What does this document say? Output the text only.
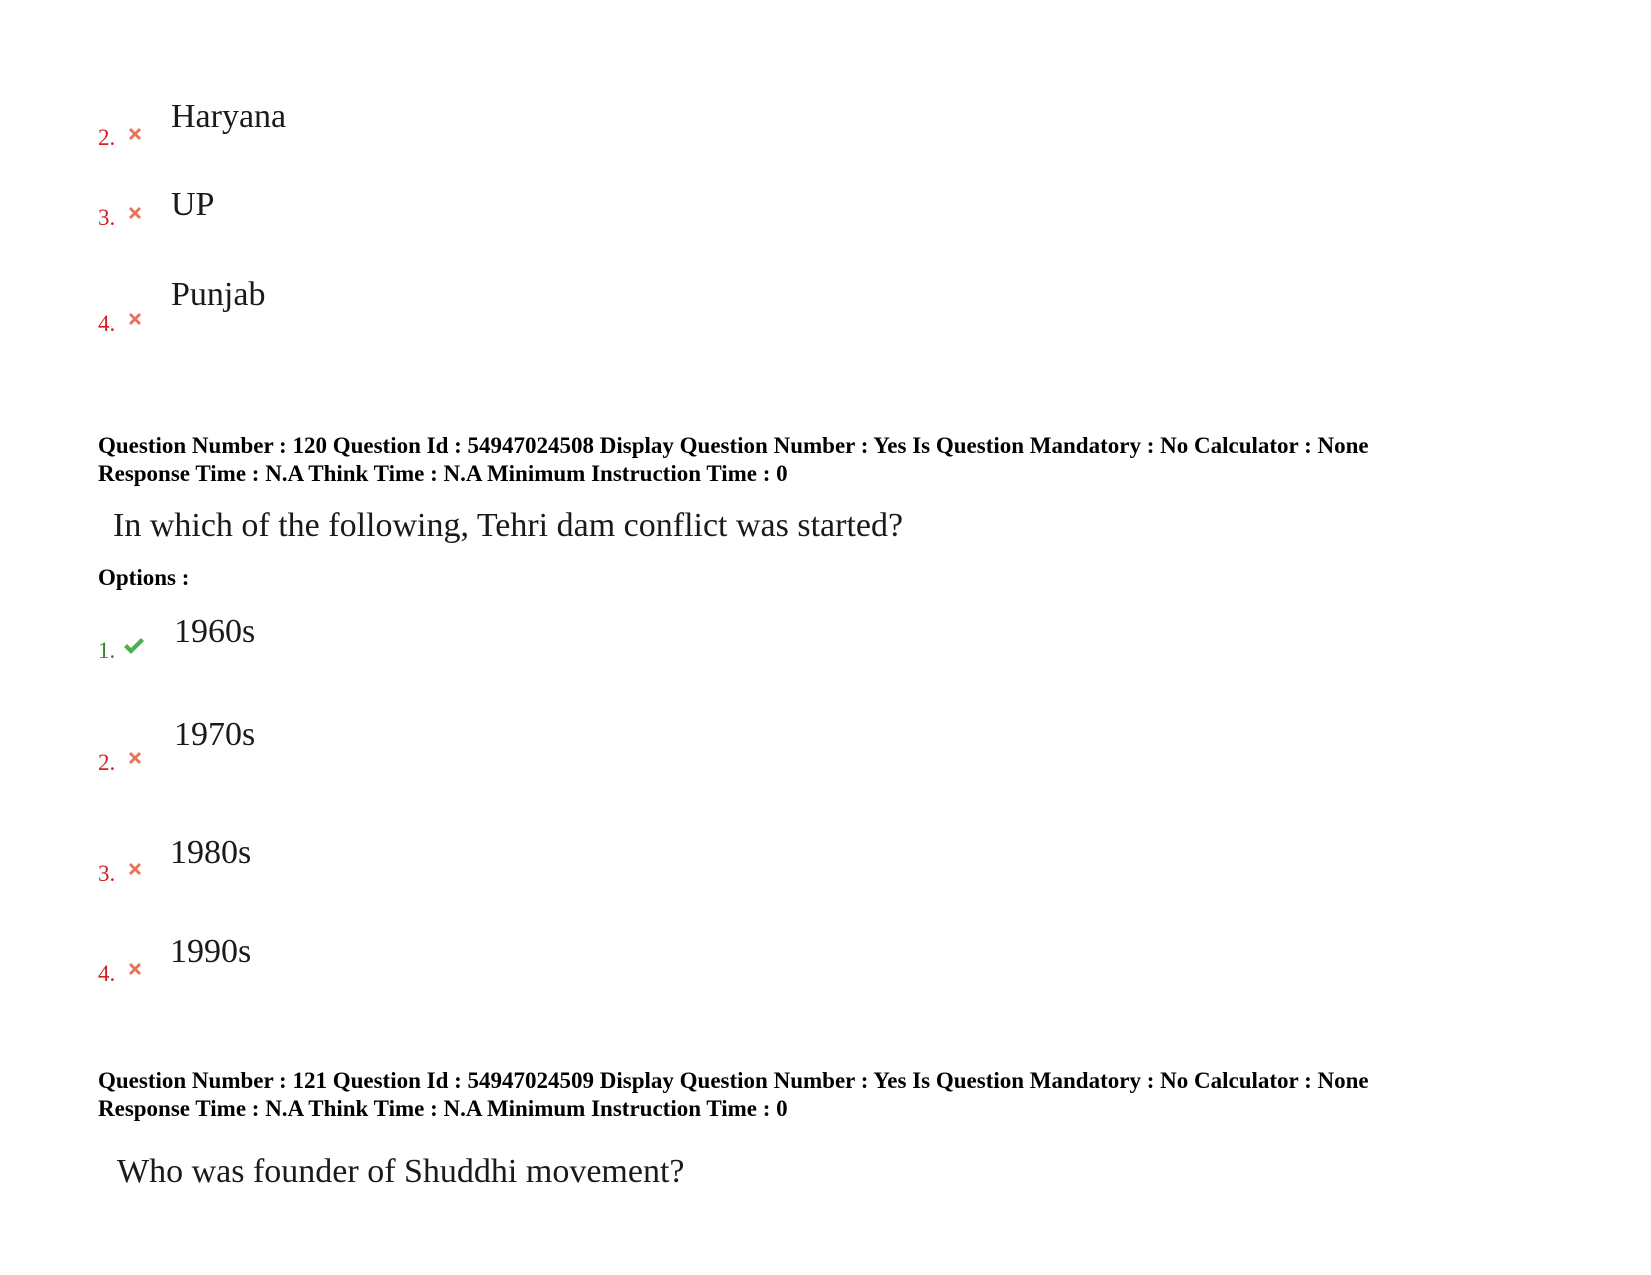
2.
Haryana
3. UP
4.
Punjab
Question Number : 120 Question Id : 54947024508 Display Question Number : Yes Is Question Mandatory : No Calculator : None
Response Time : N.A Think Time : N.A Minimum Instruction Time : 0
In which of the following, Tehri dam conflict was started?
Options :
1.
1960s
2.
1970s
3.
1980s
4.
1990s
Question Number : 121 Question Id : 54947024509 Display Question Number : Yes Is Question Mandatory : No Calculator : None
Response Time : N.A Think Time : N.A Minimum Instruction Time : 0
Who was founder of Shuddhi movement?
